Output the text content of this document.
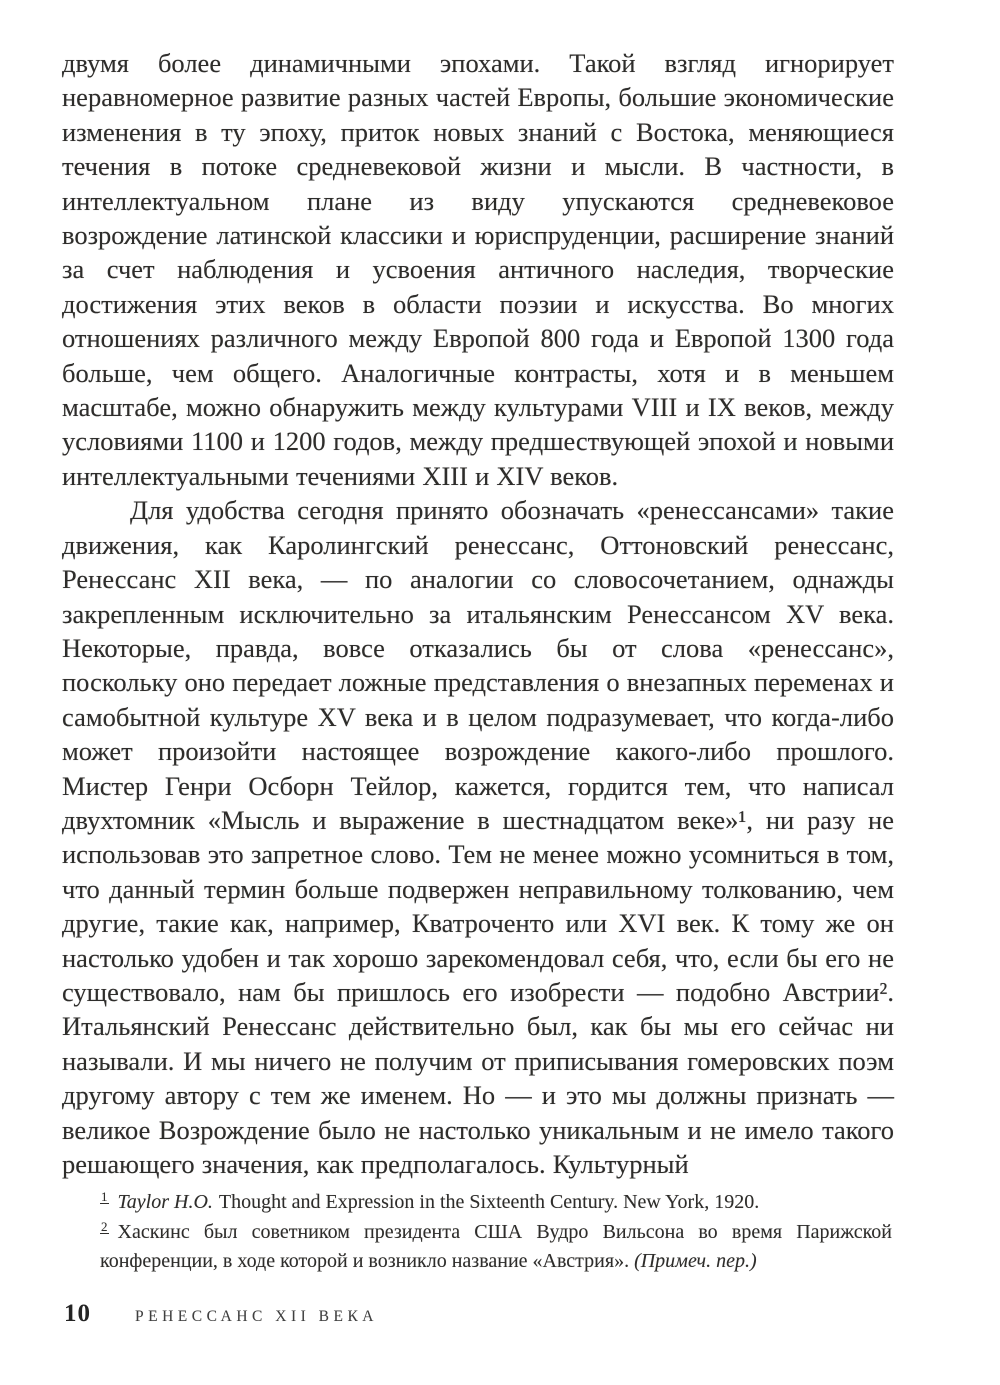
двумя более динамичными эпохами. Такой взгляд игнорирует неравномерное развитие разных частей Европы, большие экономические изменения в ту эпоху, приток новых знаний с Востока, меняющиеся течения в потоке средневековой жизни и мысли. В частности, в интеллектуальном плане из виду упускаются средневековое возрождение латинской классики и юриспруденции, расширение знаний за счет наблюдения и усвоения античного наследия, творческие достижения этих веков в области поэзии и искусства. Во многих отношениях различного между Европой 800 года и Европой 1300 года больше, чем общего. Аналогичные контрасты, хотя и в меньшем масштабе, можно обнаружить между культурами VIII и IX веков, между условиями 1100 и 1200 годов, между предшествующей эпохой и новыми интеллектуальными течениями XIII и XIV веков.

Для удобства сегодня принято обозначать «ренессансами» такие движения, как Каролингский ренессанс, Оттоновский ренессанс, Ренессанс XII века, — по аналогии со словосочетанием, однажды закрепленным исключительно за итальянским Ренессансом XV века. Некоторые, правда, вовсе отказались бы от слова «ренессанс», поскольку оно передает ложные представления о внезапных переменах и самобытной культуре XV века и в целом подразумевает, что когда-либо может произойти настоящее возрождение какого-либо прошлого. Мистер Генри Осборн Тейлор, кажется, гордится тем, что написал двухтомник «Мысль и выражение в шестнадцатом веке»¹, ни разу не использовав это запретное слово. Тем не менее можно усомниться в том, что данный термин больше подвержен неправильному толкованию, чем другие, такие как, например, Кватроченто или XVI век. К тому же он настолько удобен и так хорошо зарекомендовал себя, что, если бы его не существовало, нам бы пришлось его изобрести — подобно Австрии². Итальянский Ренессанс действительно был, как бы мы его сейчас ни называли. И мы ничего не получим от приписывания гомеровских поэм другому автору с тем же именем. Но — и это мы должны признать — великое Возрождение было не настолько уникальным и не имело такого решающего значения, как предполагалось. Культурный

1 Taylor H.O. Thought and Expression in the Sixteenth Century. New York, 1920.
2 Хаскинс был советником президента США Вудро Вильсона во время Парижской конференции, в ходе которой и возникло название «Австрия». (Примеч. пер.)
10	РЕНЕССАНС XII ВЕКА
